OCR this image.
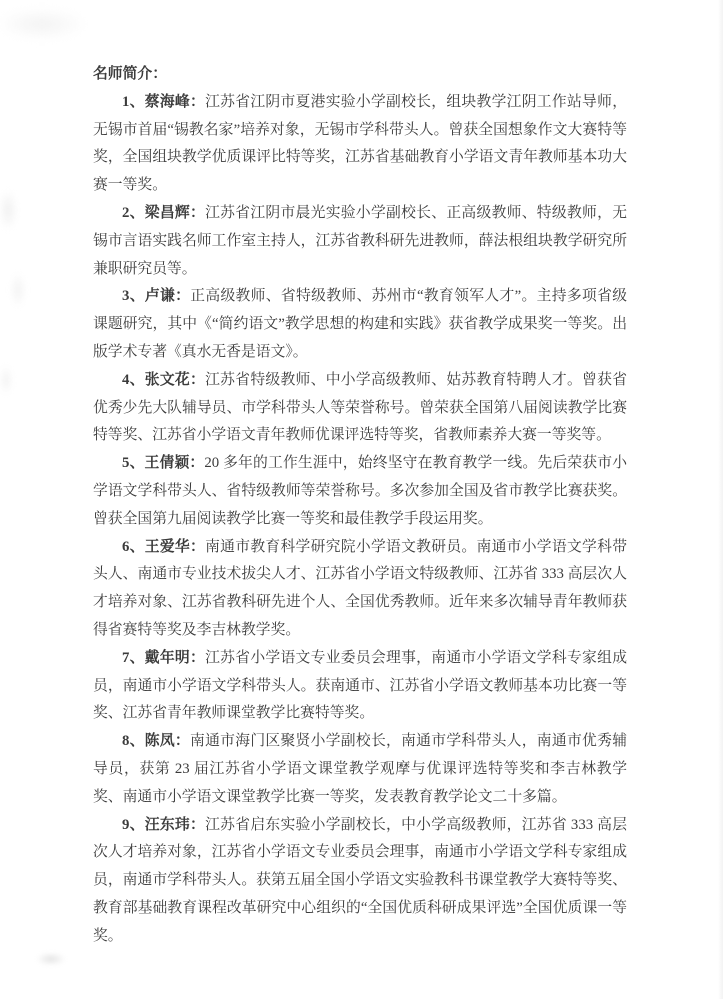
名师简介：

1、蔡海峰：江苏省江阴市夏港实验小学副校长，组块教学江阴工作站导师，无锡市首届“锡教名家”培养对象，无锡市学科带头人。曾获全国想象作文大赛特等奖，全国组块教学优质课评比特等奖，江苏省基础教育小学语文青年教师基本功大赛一等奖。

2、梁昌辉：江苏省江阴市晨光实验小学副校长、正高级教师、特级教师，无锡市言语实践名师工作室主持人，江苏省教科研先进教师，薛法根组块教学研究所兼职研究员等。

3、卢谦：正高级教师、省特级教师、苏州市“教育领军人才”。主持多项省级课题研究，其中《“简约语文”教学思想的构建和实践》获省教学成果奖一等奖。出版学术专著《真水无香是语文》。

4、张文花：江苏省特级教师、中小学高级教师、姑苏教育特聘人才。曾获省优秀少先大队辅导员、市学科带头人等荣誉称号。曾荣获全国第八届阅读教学比赛特等奖、江苏省小学语文青年教师优课评选特等奖，省教师素养大赛一等奖等。

5、王倩颖：20 多年的工作生涯中，始终坚守在教育教学一线。先后荣获市小学语文学科带头人、省特级教师等荣誉称号。多次参加全国及省市教学比赛获奖。曾获全国第九届阅读教学比赛一等奖和最佳教学手段运用奖。

6、王爱华：南通市教育科学研究院小学语文教研员。南通市小学语文学科带头人、南通市专业技术拔尖人才、江苏省小学语文特级教师、江苏省 333 高层次人才培养对象、江苏省教科研先进个人、全国优秀教师。近年来多次辅导青年教师获得省赛特等奖及李吉林教学奖。

7、戴年明：江苏省小学语文专业委员会理事，南通市小学语文学科专家组成员，南通市小学语文学科带头人。获南通市、江苏省小学语文教师基本功比赛一等奖、江苏省青年教师课堂教学比赛特等奖。

8、陈凤：南通市海门区聚贤小学副校长，南通市学科带头人，南通市优秀辅导员，获第 23 届江苏省小学语文课堂教学观摩与优课评选特等奖和李吉林教学奖、南通市小学语文课堂教学比赛一等奖，发表教育教学论文二十多篇。

9、汪东玮：江苏省启东实验小学副校长，中小学高级教师，江苏省 333 高层次人才培养对象，江苏省小学语文专业委员会理事，南通市小学语文学科专家组成员，南通市学科带头人。获第五届全国小学语文实验教科书课堂教学大赛特等奖、教育部基础教育课程改革研究中心组织的“全国优质科研成果评选”全国优质课一等奖。
